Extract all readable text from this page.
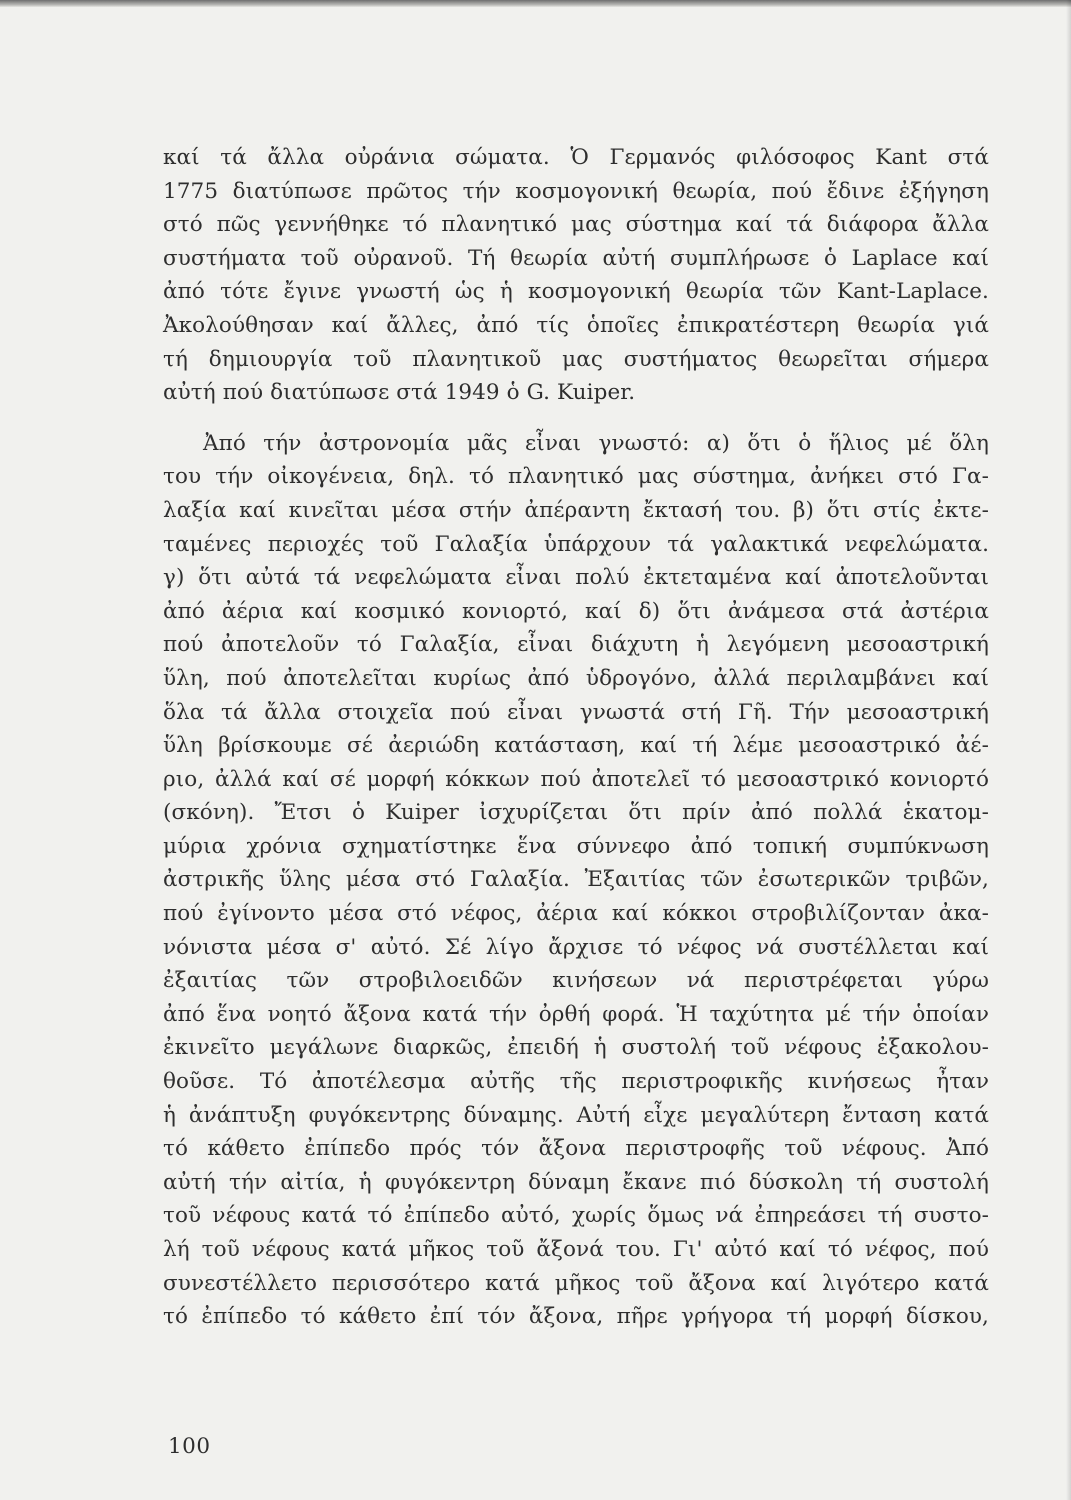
καί τά ἄλλα οὐράνια σώματα. Ὁ Γερμανός φιλόσοφος Kant στά

1775 διατύπωσε πρῶτος τήν κοσμογονική θεωρία, πού ἔδινε ἐξήγηση

στό πῶς γεννήθηκε τό πλανητικό μας σύστημα καί τά διάφορα ἄλλα

συστήματα τοῦ οὐρανοῦ. Τή θεωρία αὐτή συμπλήρωσε ὁ Laplace καί

ἀπό τότε ἔγινε γνωστή ὡς ἡ κοσμογονική θεωρία τῶν Kant-Laplace.

Ἀκολούθησαν καί ἄλλες, ἀπό τίς ὁποῖες ἐπικρατέστερη θεωρία γιά

τή δημιουργία τοῦ πλανητικοῦ μας συστήματος θεωρεῖται σήμερα

αὐτή πού διατύπωσε στά 1949 ὁ G. Kuiper.

Ἀπό τήν ἀστρονομία μᾶς εἶναι γνωστό: α) ὅτι ὁ ἥλιος μέ ὅλη

του τήν οἰκογένεια, δηλ. τό πλανητικό μας σύστημα, ἀνήκει στό Γα-

λαξία καί κινεῖται μέσα στήν ἀπέραντη ἔκτασή του. β) ὅτι στίς ἐκτε-

ταμένες περιοχές τοῦ Γαλαξία ὑπάρχουν τά γαλακτικά νεφελώματα.

γ) ὅτι αὐτά τά νεφελώματα εἶναι πολύ ἐκτεταμένα καί ἀποτελοῦνται

ἀπό ἀέρια καί κοσμικό κονιορτό, καί δ) ὅτι ἀνάμεσα στά ἀστέρια

πού ἀποτελοῦν τό Γαλαξία, εἶναι διάχυτη ἡ λεγόμενη μεσοαστρική

ὕλη, πού ἀποτελεῖται κυρίως ἀπό ὑδρογόνο, ἀλλά περιλαμβάνει καί

ὅλα τά ἄλλα στοιχεῖα πού εἶναι γνωστά στή Γῆ. Τήν μεσοαστρική

ὕλη βρίσκουμε σέ ἀεριώδη κατάσταση, καί τή λέμε μεσοαστρικό ἀέ-

ριο, ἀλλά καί σέ μορφή κόκκων πού ἀποτελεῖ τό μεσοαστρικό κονιορτό

(σκόνη). Ἔτσι ὁ Kuiper ἰσχυρίζεται ὅτι πρίν ἀπό πολλά ἑκατομ-

μύρια χρόνια σχηματίστηκε ἕνα σύννεφο ἀπό τοπική συμπύκνωση

ἀστρικῆς ὕλης μέσα στό Γαλαξία. Ἐξαιτίας τῶν ἐσωτερικῶν τριβῶν,

πού ἐγίνοντο μέσα στό νέφος, ἀέρια καί κόκκοι στροβιλίζονταν ἀκα-

νόνιστα μέσα σ' αὐτό. Σέ λίγο ἄρχισε τό νέφος νά συστέλλεται καί

ἐξαιτίας τῶν στροβιλοειδῶν κινήσεων νά περιστρέφεται γύρω

ἀπό ἕνα νοητό ἄξονα κατά τήν ὀρθή φορά. Ἡ ταχύτητα μέ τήν ὁποίαν

ἐκινεῖτο μεγάλωνε διαρκῶς, ἐπειδή ἡ συστολή τοῦ νέφους ἐξακολου-

θοῦσε. Τό ἀποτέλεσμα αὐτῆς τῆς περιστροφικῆς κινήσεως ἦταν

ἡ ἀνάπτυξη φυγόκεντρης δύναμης. Αὐτή εἶχε μεγαλύτερη ἔνταση κατά

τό κάθετο ἐπίπεδο πρός τόν ἄξονα περιστροφῆς τοῦ νέφους. Ἀπό

αὐτή τήν αἰτία, ἡ φυγόκεντρη δύναμη ἔκανε πιό δύσκολη τή συστολή

τοῦ νέφους κατά τό ἐπίπεδο αὐτό, χωρίς ὅμως νά ἐπηρεάσει τή συστο-

λή τοῦ νέφους κατά μῆκος τοῦ ἄξονά του. Γι' αὐτό καί τό νέφος, πού

συνεστέλλετο περισσότερο κατά μῆκος τοῦ ἄξονα καί λιγότερο κατά

τό ἐπίπεδο τό κάθετο ἐπί τόν ἄξονα, πῆρε γρήγορα τή μορφή δίσκου,

100
